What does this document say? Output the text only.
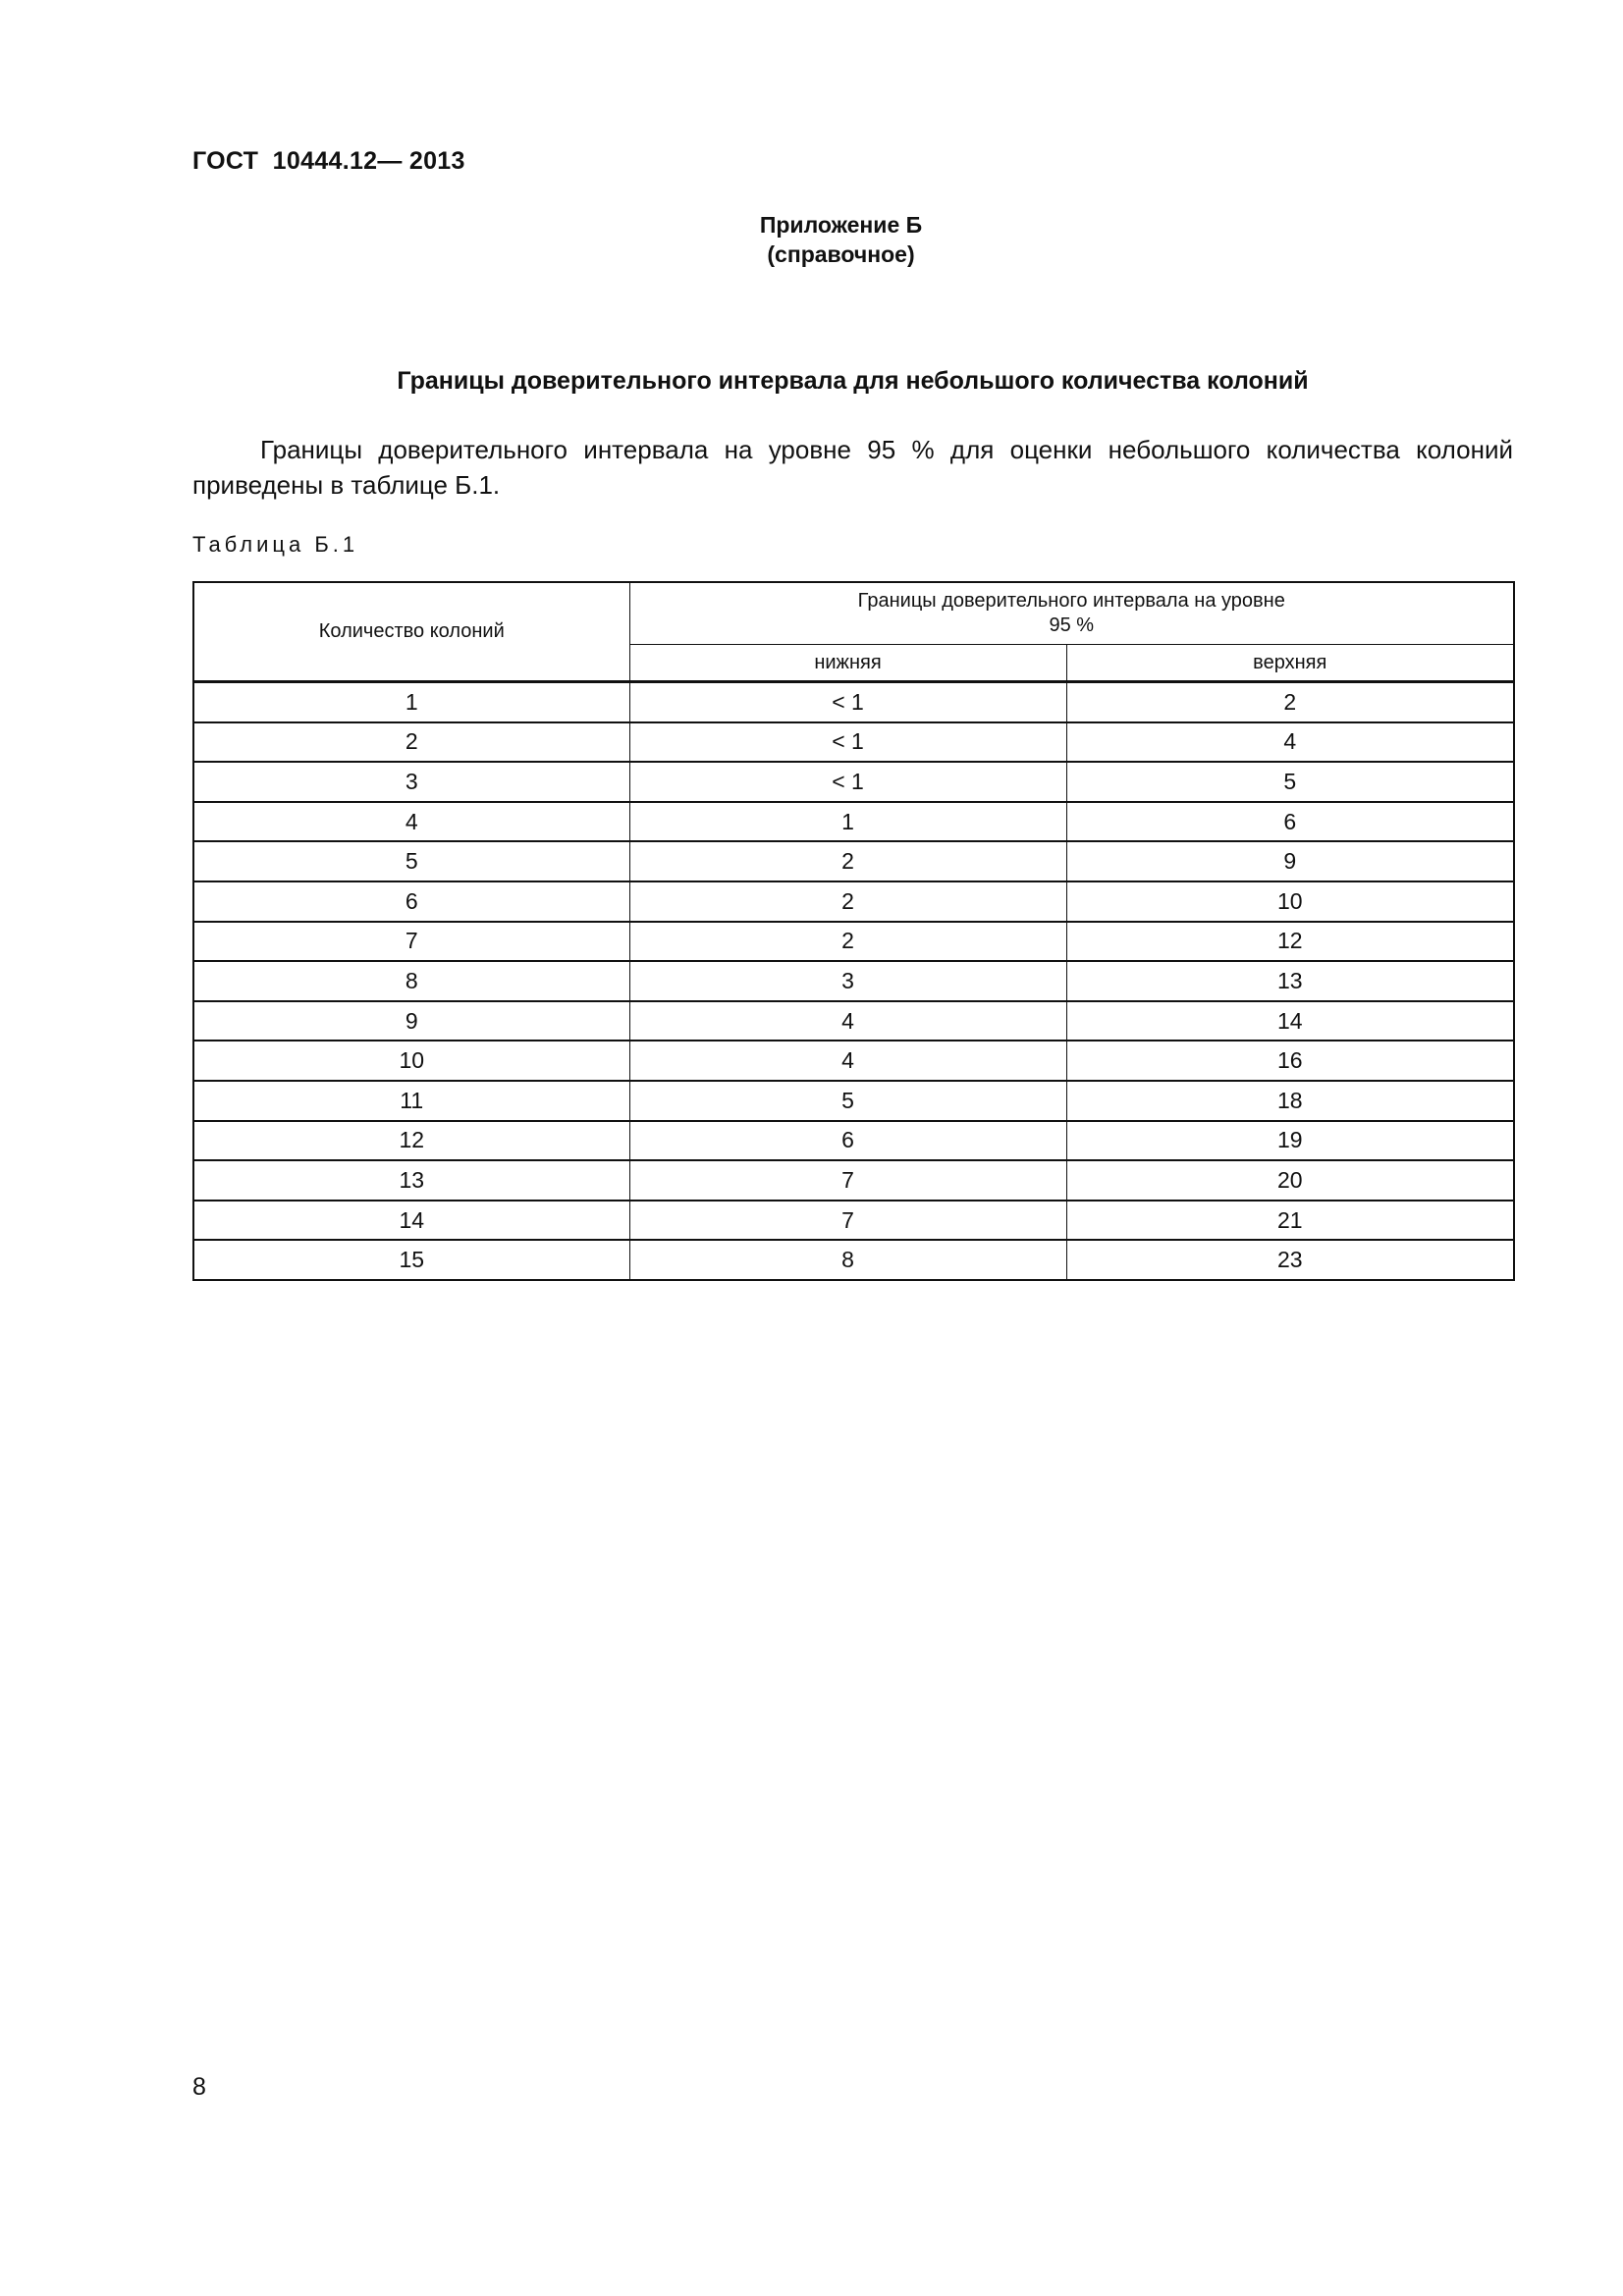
ГОСТ  10444.12— 2013
Приложение Б
(справочное)
Границы доверительного интервала для небольшого количества колоний
Границы доверительного интервала на уровне 95 % для оценки небольшого количества колоний приведены в таблице Б.1.
Таблица Б.1
Количество колоний	Границы доверительного интервала на уровне 95 %	
	нижняя	верхняя
1	< 1	2
2	< 1	4
3	< 1	5
4	1	6
5	2	9
6	2	10
7	2	12
8	3	13
9	4	14
10	4	16
11	5	18
12	6	19
13	7	20
14	7	21
15	8	23
8
